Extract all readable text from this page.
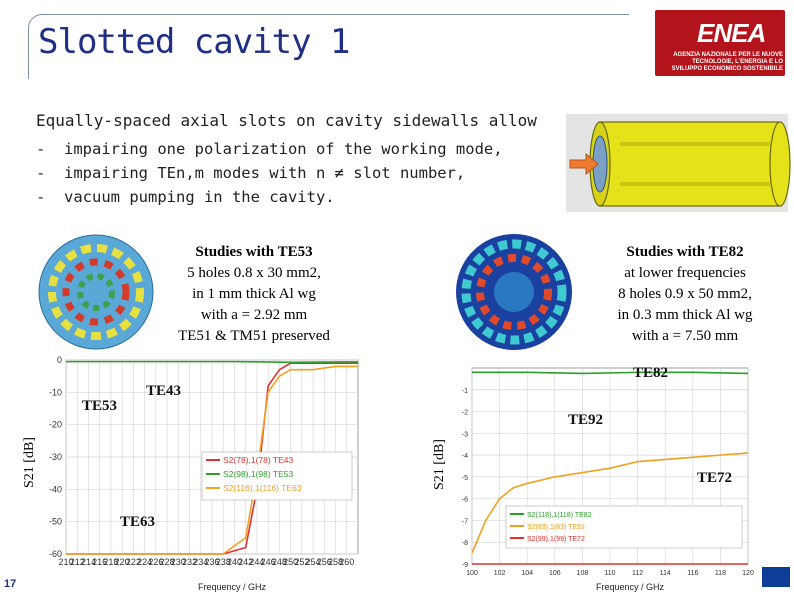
Slotted cavity 1	ENEA
AGENZIA NAZIONALE PER LE NUOVE TECNOLOGIE, L'ENERGIA E LO SVILUPPO ECONOMICO SOSTENIBILE
Equally-spaced axial slots on cavity sidewalls allow
- impairing one polarization of the working mode,
- impairing TEn,m modes with n ≠ slot number,
- vacuum pumping in the cavity.
Studies with TE53
5 holes 0.8 x 30 mm2,
in 1 mm thick Al wg
with a = 2.92 mm
TE51 & TM51 preserved
Studies with TE82
at lower frequencies
8 holes 0.9 x 50 mm2,
in 0.3 mm thick Al wg
with a = 7.50 mm
210
212
214
216
218
220
222
224
226
228
230
232
234
236
238
240
242
244
246
248
250
252
254
256
258
260
0
-10
-20
-30
-40
-50
-60
Frequency / GHz
S2(78),1(78) TE43
S2(98),1(98) TE53
S2(116),1(116) TE63
S21 [dB]
TE53
TE43
TE63
100 102 104 106 108 110 112 114 116 118 120
-1
-2
-3
-4
-5
-6
-7
-8
-9
Frequency / GHz
S2(118),1(118) TE82
S2(83),1(83) TE92
S2(99),1(99) TE72
S21 [dB]
TE82
TE92
TE72
17
